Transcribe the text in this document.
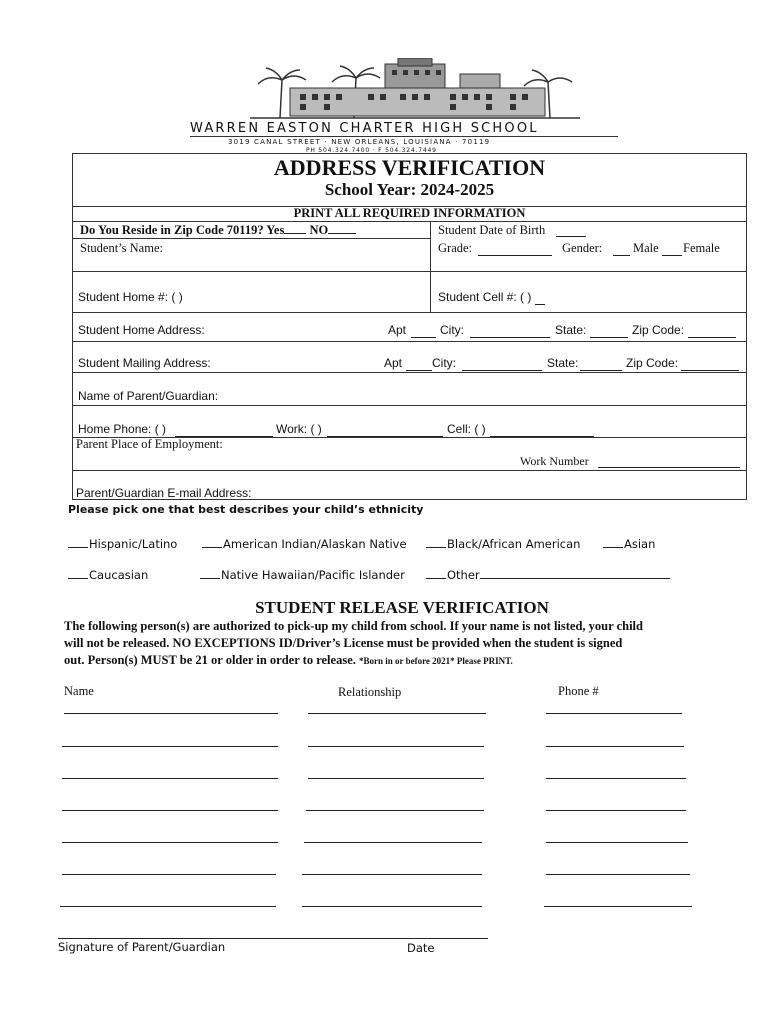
WARREN EASTON CHARTER HIGH SCHOOL
3019 CANAL STREET · NEW ORLEANS, LOUISIANA · 70119
PH 504.324.7400 · F 504.324.7449
ADDRESS VERIFICATION
School Year: 2024-2025
PRINT ALL REQUIRED INFORMATION
Do You Reside in Zip Code 70119? Yes NO	Student Date of Birth
Student’s Name:	Grade:	Gender: Male Female
Student Home #: ( )	Student Cell #: ( )
Student Home Address:	Apt	City:	State:	Zip Code:
Student Mailing Address:	Apt City:	State:	Zip Code:
Name of Parent/Guardian:
Home Phone: ( )	Work: ( )	Cell: ( )
Parent Place of Employment:
Work Number
Parent/Guardian E-mail Address:
Please pick one that best describes your child’s ethnicity
Hispanic/Latino	American Indian/Alaskan Native	Black/African American	Asian
Caucasian	Native Hawaiian/Pacific Islander	Other
STUDENT RELEASE VERIFICATION
The following person(s) are authorized to pick-up my child from school. If your name is not listed, your child
will not be released. NO EXCEPTIONS ID/Driver’s License must be provided when the student is signed
out. Person(s) MUST be 21 or older in order to release. *Born in or before 2021* Please PRINT.
Name	Relationship	Phone #
Signature of Parent/Guardian	Date
